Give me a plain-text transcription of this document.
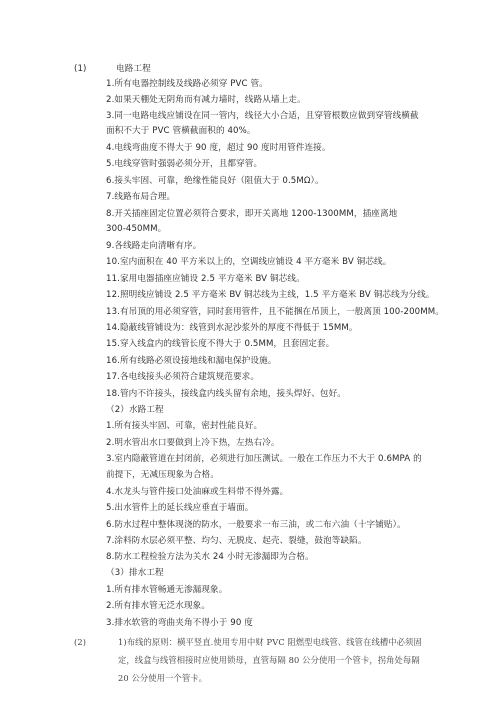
(1)	电路工程
1.所有电器控制线及线路必须穿 PVC 管。
2.如果天棚处无阴角而有减力墙时，线路从墙上走。
3.同一电路电线应铺设在同一管内，线径大小合适，且穿管根数应做到穿管线横截
面积不大于 PVC 管横截面积的 40%。
4.电线弯曲度不得大于 90 度，超过 90 度时用管件连接。
5.电线穿管时强弱必须分开，且都穿管。
6.接头牢固、可靠，绝缘性能良好（阻值大于 0.5MΩ）。
7.线路布局合理。
8.开关插座固定位置必须符合要求，即开关离地 1200-1300MM，插座离地
300-450MM。
9.各线路走向清晰有序。
10.室内面积在 40 平方米以上的，空调线应铺设 4 平方毫米 BV 铜芯线。
11.家用电器插座应铺设 2.5 平方毫米 BV 铜芯线。
12.照明线应铺设 2.5 平方毫米 BV 铜芯线为主线，1.5 平方毫米 BV 铜芯线为分线。
13.有吊顶的用必须穿管，同时套用管件，且不能捆在吊顶上，一般离顶 100-200MM。
14.隐蔽线管铺设为：线管到水泥沙浆外的厚度不得低于 15MM。
15.穿入线盒内的线管长度不得大于 0.5MM，且套固定套。
16.所有线路必须设接地线和漏电保护设施。
17.各电线接头必须符合建筑规范要求。
18.管内不许接头，接线盒内线头留有余地，接头焊好、包好。
（2）水路工程
1.所有接头牢固、可靠，密封性能良好。
2.明水管出水口要做到上冷下热，左热右冷。
3.室内隐蔽管道在封闭前，必须进行加压测试。一般在工作压力不大于 0.6MPA 的
前提下，无减压现象为合格。
4.水龙头与管件接口处油麻或生料带不得外露。
5.出水管件上的延长线应垂直于墙面。
6.防水过程中整体现浇的防水，一般要求一布三油，或二布六油（十字铺贴）。
7.涂料防水层必须平整、均匀、无脱皮、起壳、裂缝，鼓泡等缺陷。
8.防水工程检验方法为关水 24 小时无渗漏即为合格。
（3）排水工程
1.所有排水管畅通无渗漏现象。
2.所有排水管无泛水现象。
3.排水软管的弯曲夹角不得小于 90 度
(2)	1)布线的原则：横平竖直.使用专用中财 PVC 阻燃型电线管、线管在线槽中必须固
定，线盒与线管相接时应使用锁母，直管每隔 80 公分使用一个管卡，拐角处每隔
20 公分使用一个管卡。
